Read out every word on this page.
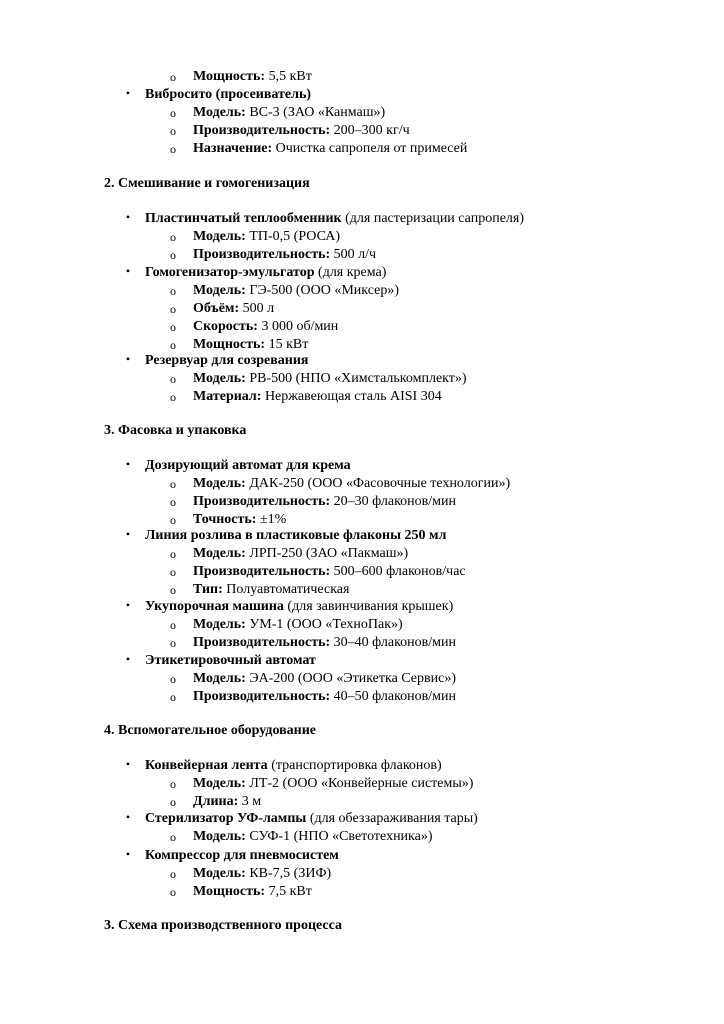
o Мощность: 5,5 кВт
• Вибросито (просеиватель)
o Модель: ВС-3 (ЗАО «Канмаш»)
o Производительность: 200–300 кг/ч
o Назначение: Очистка сапропеля от примесей
2. Смешивание и гомогенизация
• Пластинчатый теплообменник (для пастеризации сапропеля)
o Модель: ТП-0,5 (РОСА)
o Производительность: 500 л/ч
• Гомогенизатор-эмульгатор (для крема)
o Модель: ГЭ-500 (ООО «Миксер»)
o Объём: 500 л
o Скорость: 3 000 об/мин
o Мощность: 15 кВт
• Резервуар для созревания
o Модель: РВ-500 (НПО «Химсталькомплект»)
o Материал: Нержавеющая сталь AISI 304
3. Фасовка и упаковка
• Дозирующий автомат для крема
o Модель: ДАК-250 (ООО «Фасовочные технологии»)
o Производительность: 20–30 флаконов/мин
o Точность: ±1%
• Линия розлива в пластиковые флаконы 250 мл
o Модель: ЛРП-250 (ЗАО «Пакмаш»)
o Производительность: 500–600 флаконов/час
o Тип: Полуавтоматическая
• Укупорочная машина (для завинчивания крышек)
o Модель: УМ-1 (ООО «ТехноПак»)
o Производительность: 30–40 флаконов/мин
• Этикетировочный автомат
o Модель: ЭА-200 (ООО «Этикетка Сервис»)
o Производительность: 40–50 флаконов/мин
4. Вспомогательное оборудование
• Конвейерная лента (транспортировка флаконов)
o Модель: ЛТ-2 (ООО «Конвейерные системы»)
o Длина: 3 м
• Стерилизатор УФ-лампы (для обеззараживания тары)
o Модель: СУФ-1 (НПО «Светотехника»)
• Компрессор для пневмосистем
o Модель: КВ-7,5 (ЗИФ)
o Мощность: 7,5 кВт
3. Схема производственного процесса
